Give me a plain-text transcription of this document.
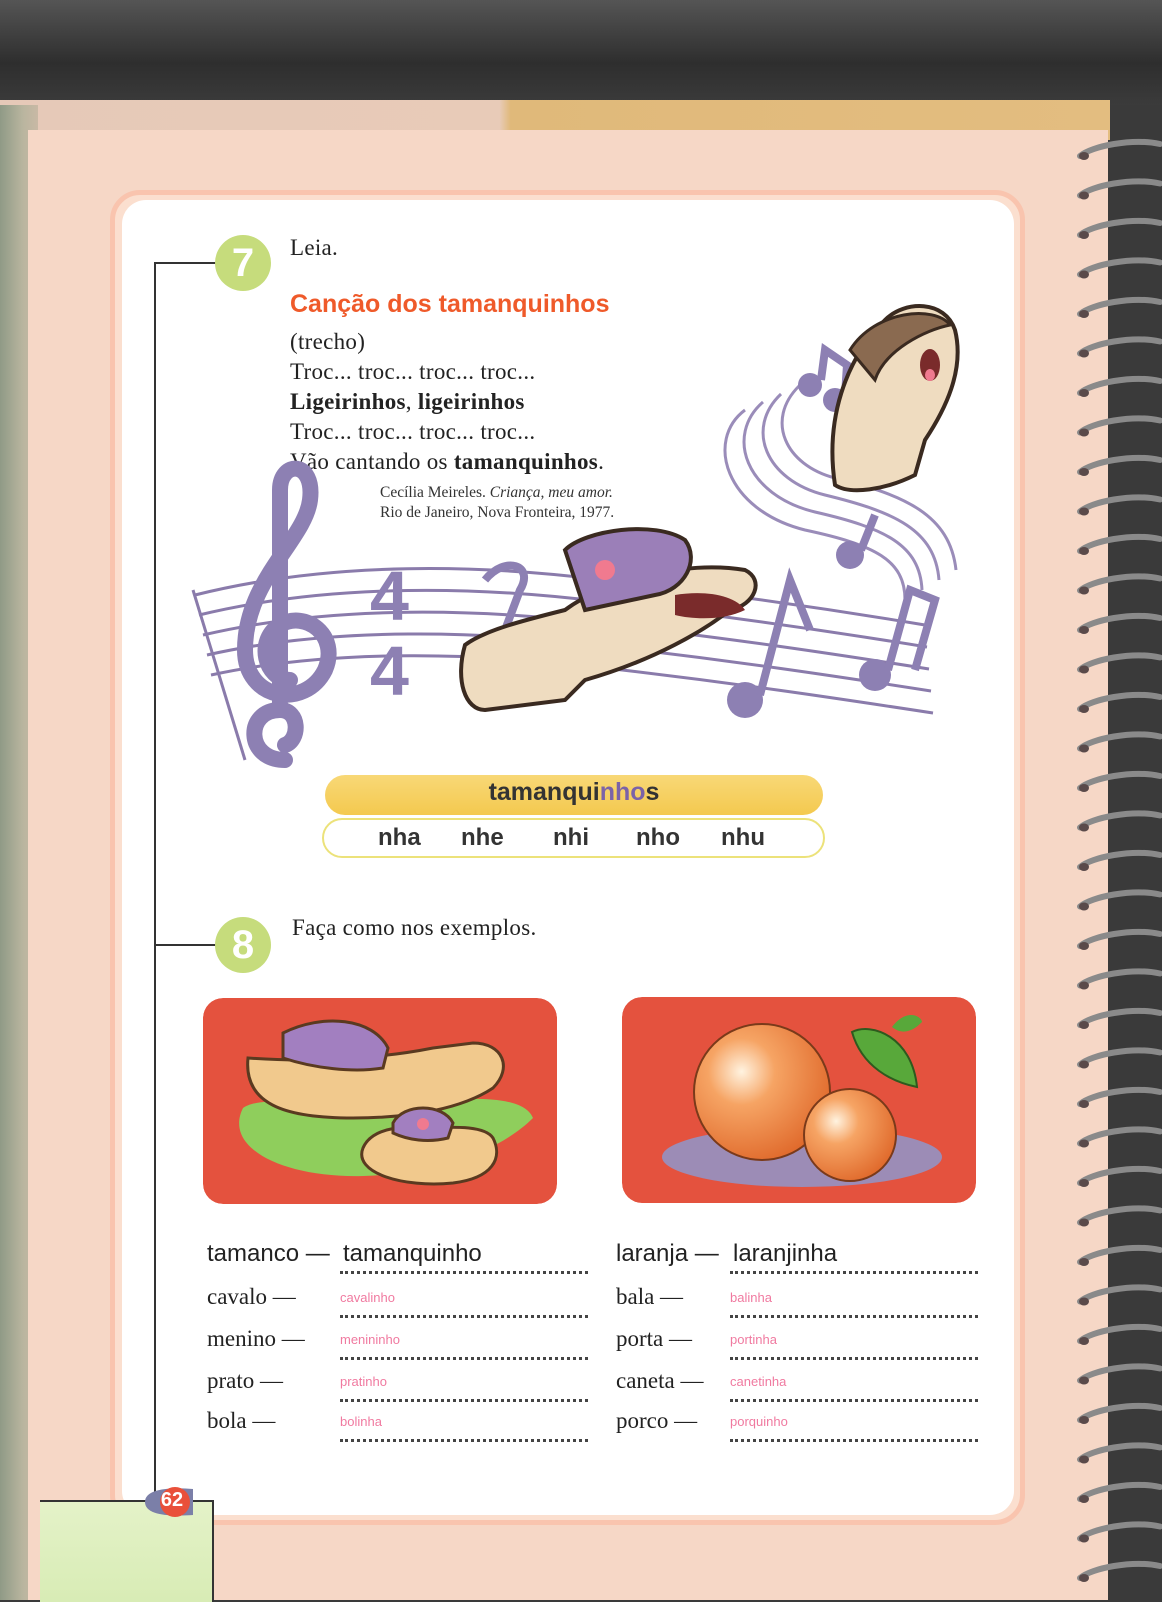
7	Leia.
Canção dos tamanquinhos
(trecho)
Troc... troc... troc... troc...
Ligeirinhos, ligeirinhos
Troc... troc... troc... troc...
Vão cantando os tamanquinhos.
Cecília Meireles. Criança, meu amor.
Rio de Janeiro, Nova Fronteira, 1977.
4
4
tamanquinhos
nha nhe nhi nho nhu
8	Faça como nos exemplos.
tamanco — tamanquinho
cavalo —	cavalinho
menino —	menininho
prato —	pratinho
bola —	bolinha
laranja — laranjinha
bala —	balinha
porta —	portinha
caneta — canetinha
porco —	porquinho
62
